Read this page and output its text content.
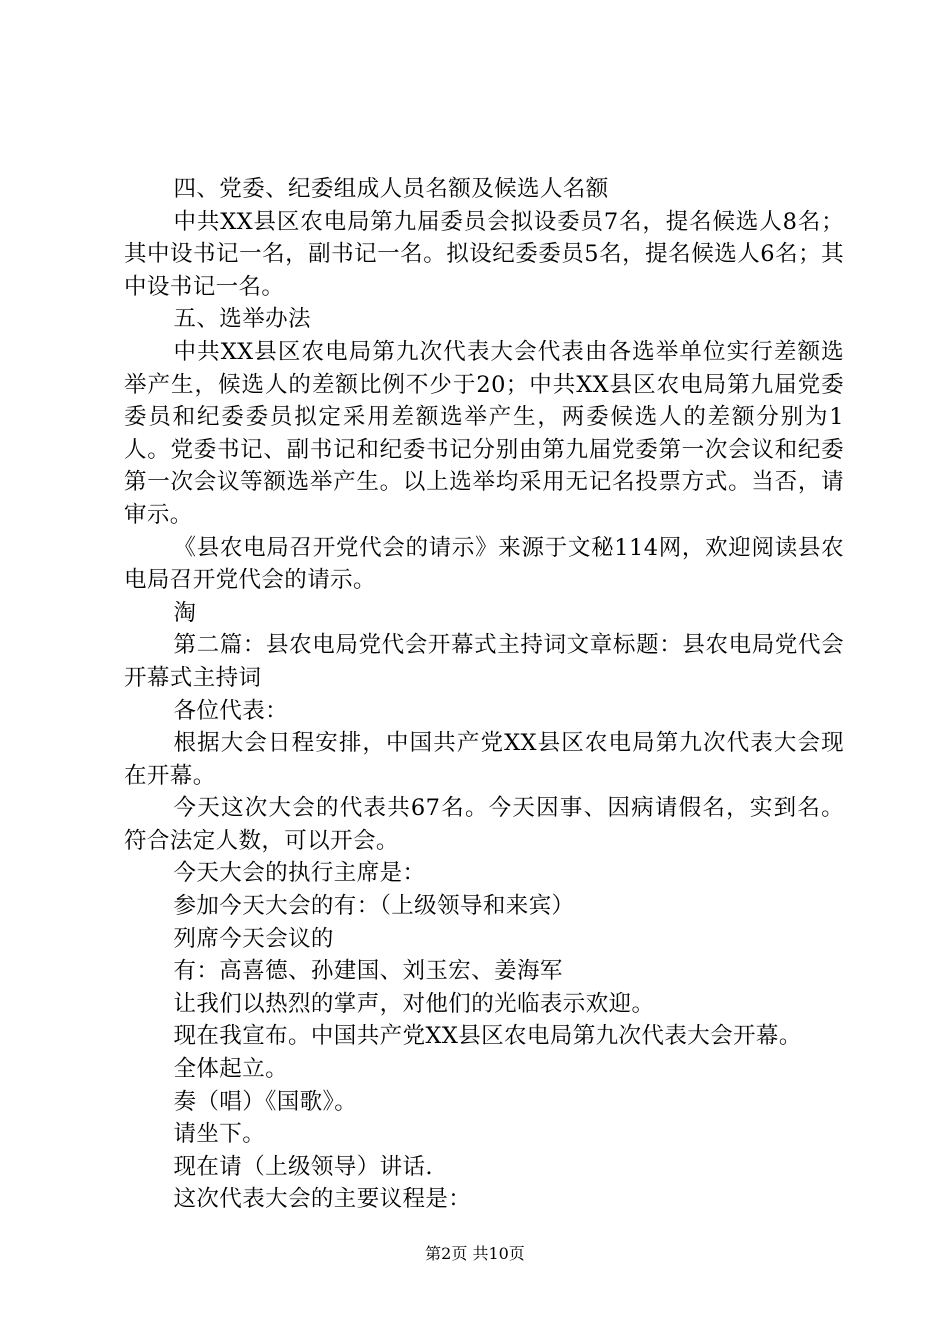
四、党委、纪委组成人员名额及候选人名额

中共XX县区农电局第九届委员会拟设委员7名，提名候选人8名；其中设书记一名，副书记一名。拟设纪委委员5名，提名候选人6名；其中设书记一名。

五、选举办法

中共XX县区农电局第九次代表大会代表由各选举单位实行差额选举产生，候选人的差额比例不少于20；中共XX县区农电局第九届党委委员和纪委委员拟定采用差额选举产生，两委候选人的差额分别为1人。党委书记、副书记和纪委书记分别由第九届党委第一次会议和纪委第一次会议等额选举产生。以上选举均采用无记名投票方式。当否，请审示。

《县农电局召开党代会的请示》来源于文秘114网，欢迎阅读县农电局召开党代会的请示。

淘

第二篇：县农电局党代会开幕式主持词文章标题：县农电局党代会开幕式主持词

各位代表：

根据大会日程安排，中国共产党XX县区农电局第九次代表大会现在开幕。

今天这次大会的代表共67名。今天因事、因病请假名，实到名。符合法定人数，可以开会。

今天大会的执行主席是：

参加今天大会的有：（上级领导和来宾）

列席今天会议的

有：高喜德、孙建国、刘玉宏、姜海军

让我们以热烈的掌声，对他们的光临表示欢迎。

现在我宣布。中国共产党XX县区农电局第九次代表大会开幕。

全体起立。

奏（唱）《国歌》。

请坐下。

现在请（上级领导）讲话.

这次代表大会的主要议程是：

第2页 共10页
